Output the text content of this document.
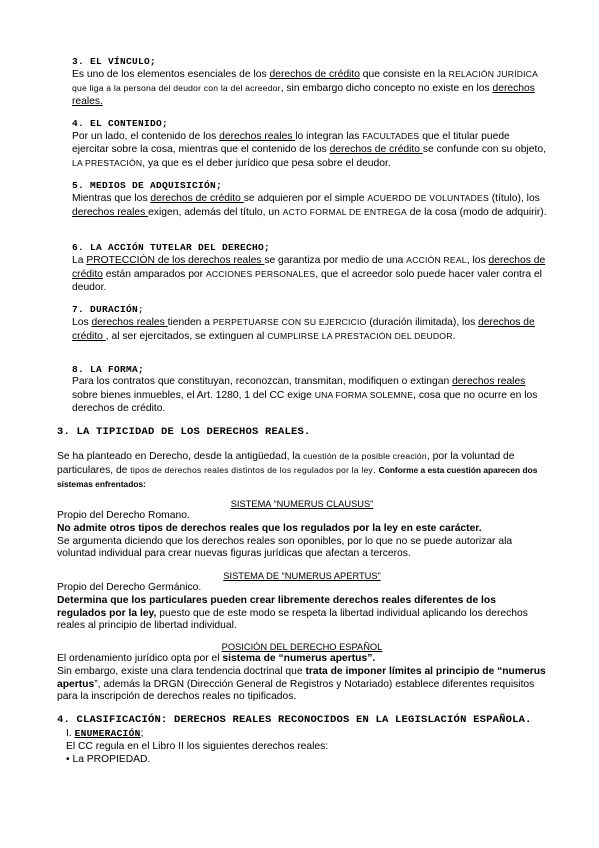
3. EL VÍNCULO;
Es uno de los elementos esenciales de los derechos de crédito que consiste en la RELACIÓN JURÍDICA que liga a la persona del deudor con la del acreedor, sin embargo dicho concepto no existe en los derechos reales.
4. EL CONTENIDO;
Por un lado, el contenido de los derechos reales lo integran las FACULTADES que el titular puede ejercitar sobre la cosa, mientras que el contenido de los derechos de crédito se confunde con su objeto, LA PRESTACIÓN, ya que es el deber jurídico que pesa sobre el deudor.
5. MEDIOS DE ADQUISICIÓN;
Mientras que los derechos de crédito se adquieren por el simple ACUERDO DE VOLUNTADES (título), los derechos reales exigen, además del título, un ACTO FORMAL DE ENTREGA de la cosa (modo de adquirir).
6. LA ACCIÓN TUTELAR DEL DERECHO;
La PROTECCIÓN de los derechos reales se garantiza por medio de una ACCIÓN REAL, los derechos de crédito están amparados por ACCIONES PERSONALES, que el acreedor solo puede hacer valer contra el deudor.
7. DURACIÓN;
Los derechos reales tienden a PERPETUARSE CON SU EJERCICIO (duración ilimitada), los derechos de crédito , al ser ejercitados, se extinguen al CUMPLIRSE LA PRESTACIÓN DEL DEUDOR.
8. LA FORMA;
Para los contratos que constituyan, reconozcan, transmitan, modifiquen o extingan derechos reales sobre bienes inmuebles, el Art. 1280, 1 del CC exige UNA FORMA SOLEMNE, cosa que no ocurre en los derechos de crédito.
3. LA TIPICIDAD DE LOS DERECHOS REALES.
Se ha planteado en Derecho, desde la antigüedad, la cuestión de la posible creación, por la voluntad de particulares, de tipos de derechos reales distintos de los regulados por la ley. Conforme a esta cuestión aparecen dos sistemas enfrentados:
SISTEMA “NUMERUS CLAUSUS”
Propio del Derecho Romano.
No admite otros tipos de derechos reales que los regulados por la ley en este carácter.
Se argumenta diciendo que los derechos reales son oponibles, por lo que no se puede autorizar ala voluntad individual para crear nuevas figuras jurídicas que afectan a terceros.
SISTEMA DE “NUMERUS APERTUS”
Propio del Derecho Germánico.
Determina que los particulares pueden crear libremente derechos reales diferentes de los regulados por la ley, puesto que de este modo se respeta la libertad individual aplicando los derechos reales al principio de libertad individual.
POSICIÓN DEL DERECHO ESPAÑOL
El ordenamiento jurídico opta por el sistema de “numerus apertus”.
Sin embargo, existe una clara tendencia doctrinal que trata de imponer límites al principio de “numerus apertus”, además la DRGN (Dirección General de Registros y Notariado) establece diferentes requisitos para la inscripción de derechos reales no tipificados.
4. CLASIFICACIÓN: DERECHOS REALES RECONOCIDOS EN LA LEGISLACIÓN ESPAÑOLA.
I. ENUMERACIÓN;
El CC regula en el Libro II los siguientes derechos reales:
• La PROPIEDAD.
